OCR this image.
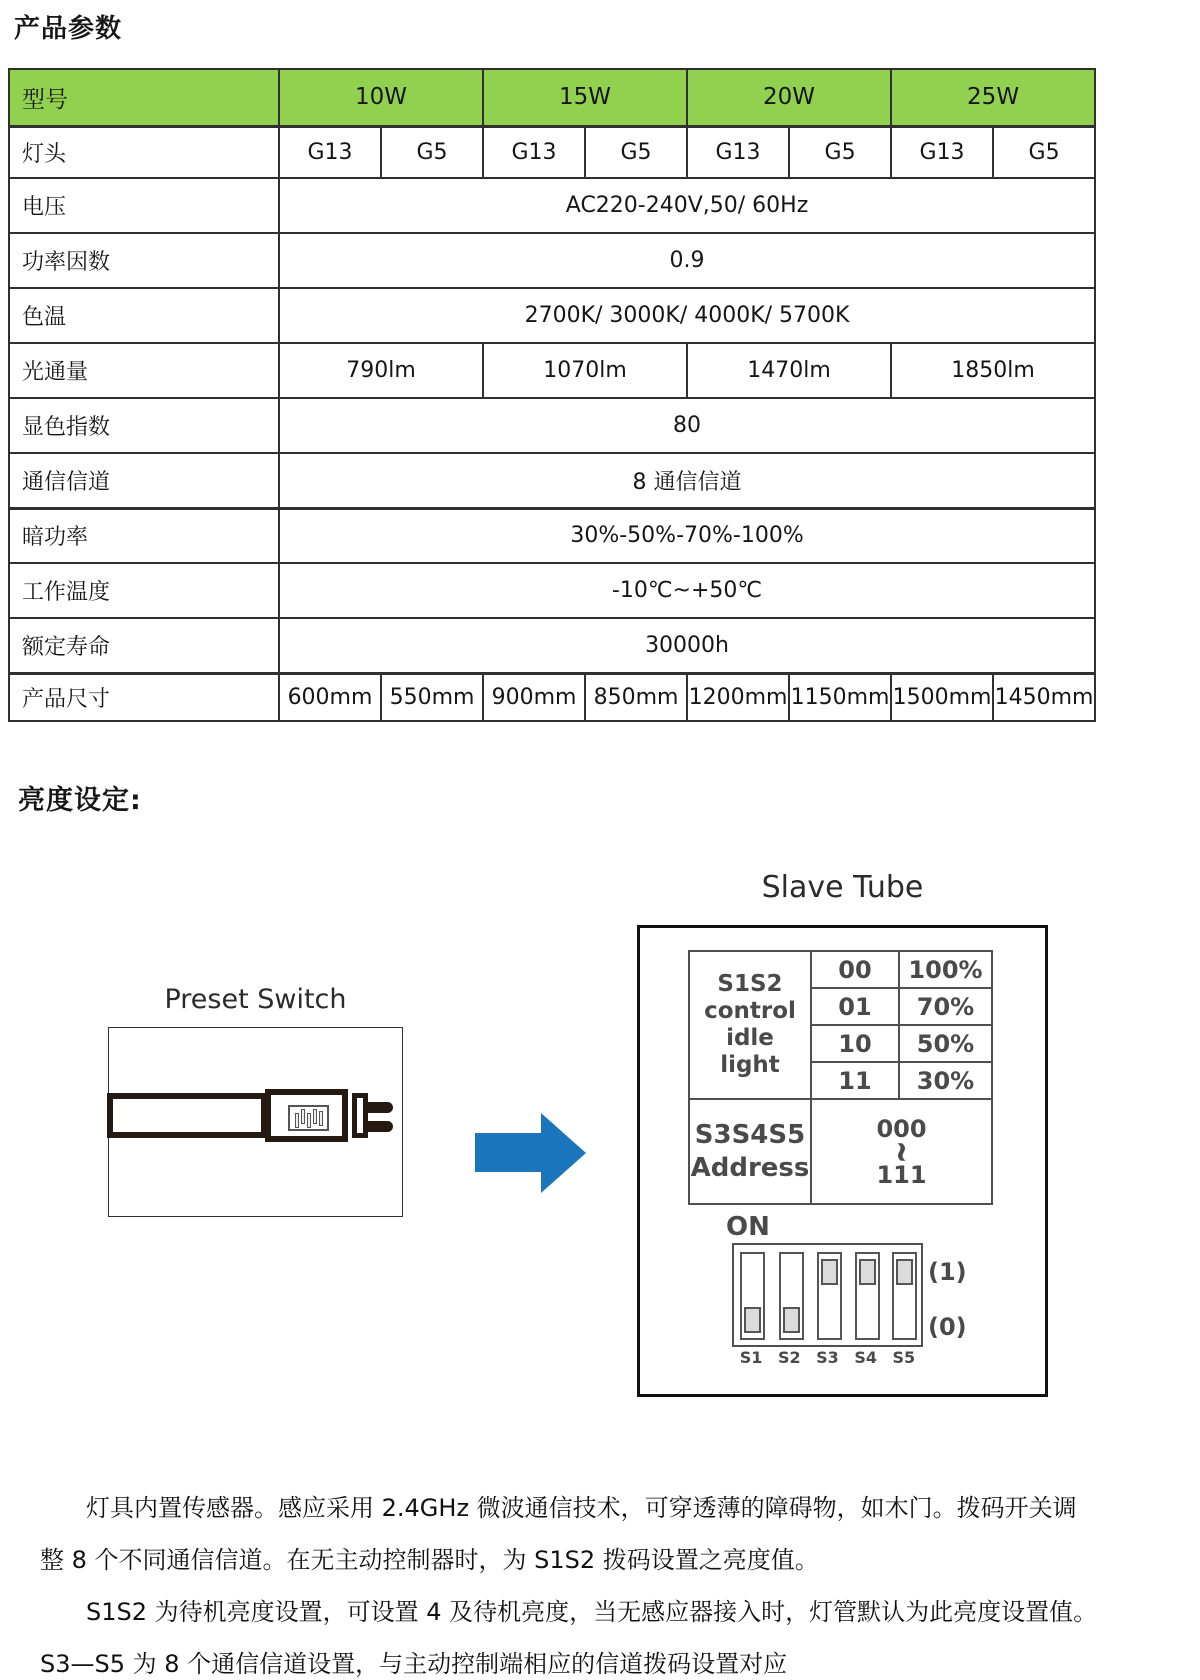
产品参数
型号	10W		15W		20W		25W	
灯头	G13	G5	G13	G5	G13	G5	G13	G5
电压	AC220-240V,50/ 60Hz							
功率因数	0.9							
色温	2700K/ 3000K/ 4000K/ 5700K							
光通量	790lm		1070lm		1470lm		1850lm	
显色指数	80							
通信信道	8 通信信道							
暗功率	30%-50%-70%-100%							
工作温度	-10℃~+50℃							
额定寿命	30000h							
产品尺寸	600mm	550mm	900mm	850mm	1200mm	1150mm	1500mm	1450mm
亮度设定:
Preset Switch
Slave Tube
S1S2
control
idle
light	00	100%
	01	70%
	10	50%
	11	30%

S3S4S5
Address	000
~
111	
ON
(1)
(0)
S1 S2 S3 S4 S5
灯具内置传感器。感应采用 2.4GHz 微波通信技术，可穿透薄的障碍物，如木门。拨码开关调
整 8 个不同通信信道。在无主动控制器时，为 S1S2 拨码设置之亮度值。
S1S2 为待机亮度设置，可设置 4 及待机亮度，当无感应器接入时，灯管默认为此亮度设置值。
S3—S5 为 8 个通信信道设置，与主动控制端相应的信道拨码设置对应
